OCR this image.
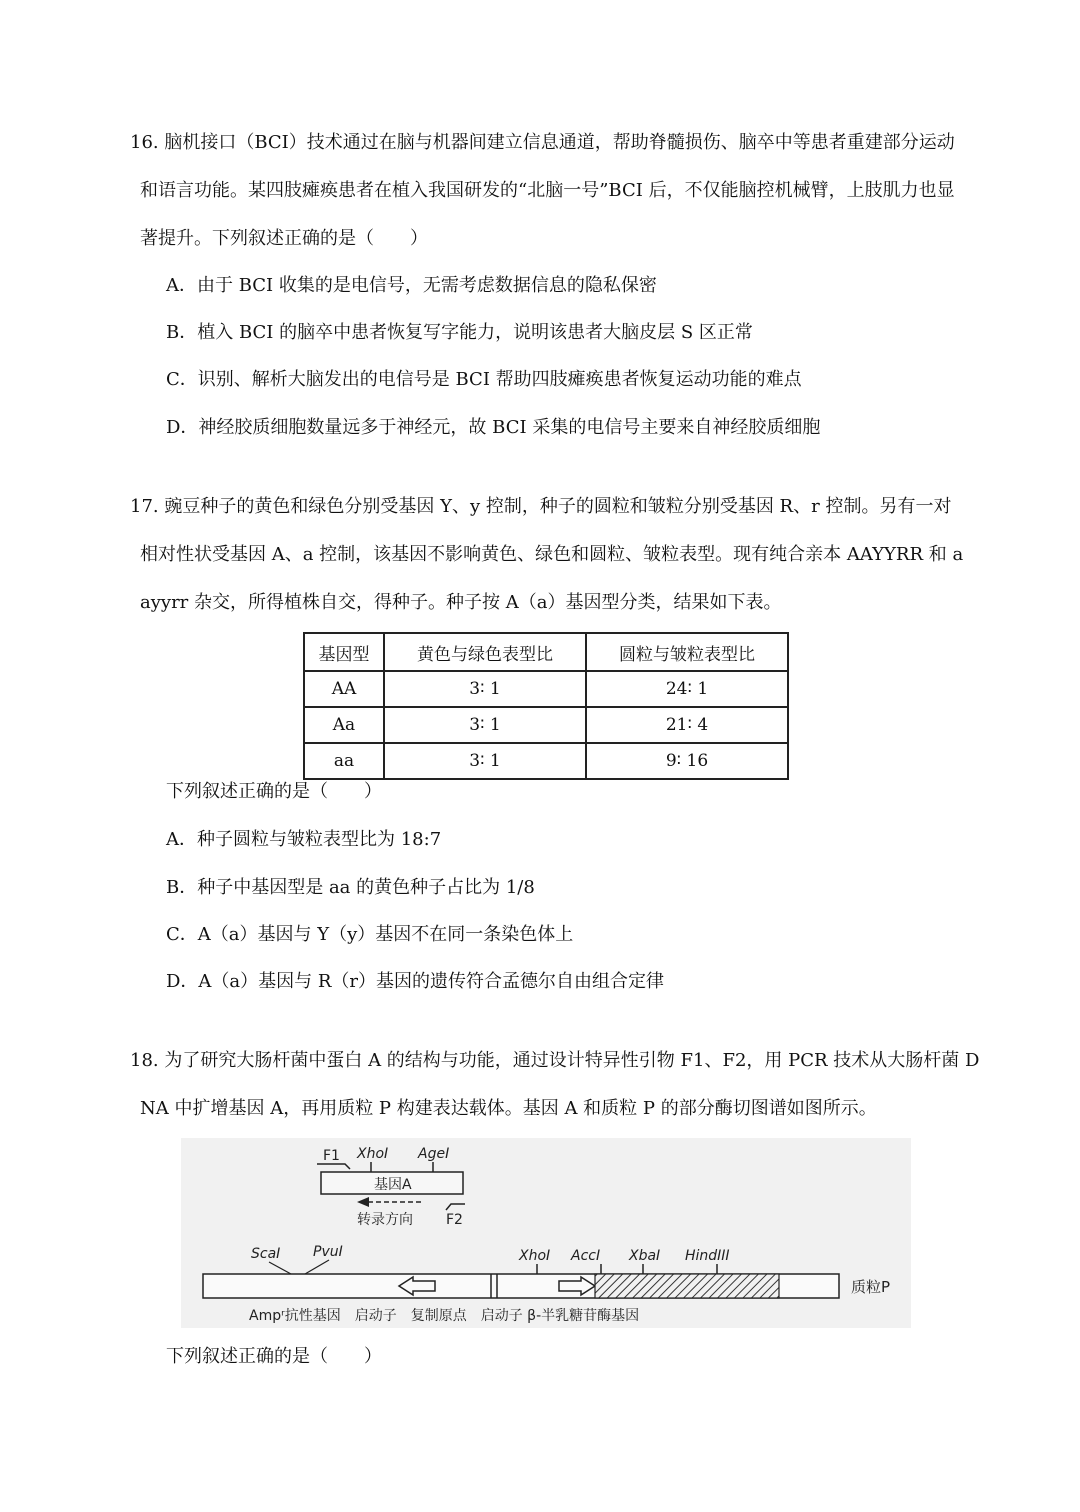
16. 脑机接口（BCI）技术通过在脑与机器间建立信息通道，帮助脊髓损伤、脑卒中等患者重建部分运动
和语言功能。某四肢瘫痪患者在植入我国研发的“北脑一号”BCI 后，不仅能脑控机械臂，上肢肌力也显
著提升。下列叙述正确的是（　　）
A．由于 BCI 收集的是电信号，无需考虑数据信息的隐私保密
B．植入 BCI 的脑卒中患者恢复写字能力，说明该患者大脑皮层 S 区正常
C．识别、解析大脑发出的电信号是 BCI 帮助四肢瘫痪患者恢复运动功能的难点
D．神经胶质细胞数量远多于神经元，故 BCI 采集的电信号主要来自神经胶质细胞
17. 豌豆种子的黄色和绿色分别受基因 Y、y 控制，种子的圆粒和皱粒分别受基因 R、r 控制。另有一对
相对性状受基因 A、a 控制，该基因不影响黄色、绿色和圆粒、皱粒表型。现有纯合亲本 AAYYRR 和 a
ayyrr 杂交，所得植株自交，得种子。种子按 A（a）基因型分类，结果如下表。
基因型	黄色与绿色表型比	圆粒与皱粒表型比
AA	3∶ 1	24∶ 1
Aa	3∶ 1	21∶ 4
aa	3∶ 1	9∶ 16
下列叙述正确的是（　　）
A．种子圆粒与皱粒表型比为 18:7
B．种子中基因型是 aa 的黄色种子占比为 1/8
C．A（a）基因与 Y（y）基因不在同一条染色体上
D．A（a）基因与 R（r）基因的遗传符合孟德尔自由组合定律
18. 为了研究大肠杆菌中蛋白 A 的结构与功能，通过设计特异性引物 F1、F2，用 PCR 技术从大肠杆菌 D
NA 中扩增基因 A，再用质粒 P 构建表达载体。基因 A 和质粒 P 的部分酶切图谱如图所示。
F1 XhoI AgeI
基因A
转录方向 F2
ScaI PvuI	XhoI AccI XbaI HindIII
质粒P
Ampʳ抗性基因　启动子　复制原点　启动子 β-半乳糖苷酶基因
下列叙述正确的是（　　）
